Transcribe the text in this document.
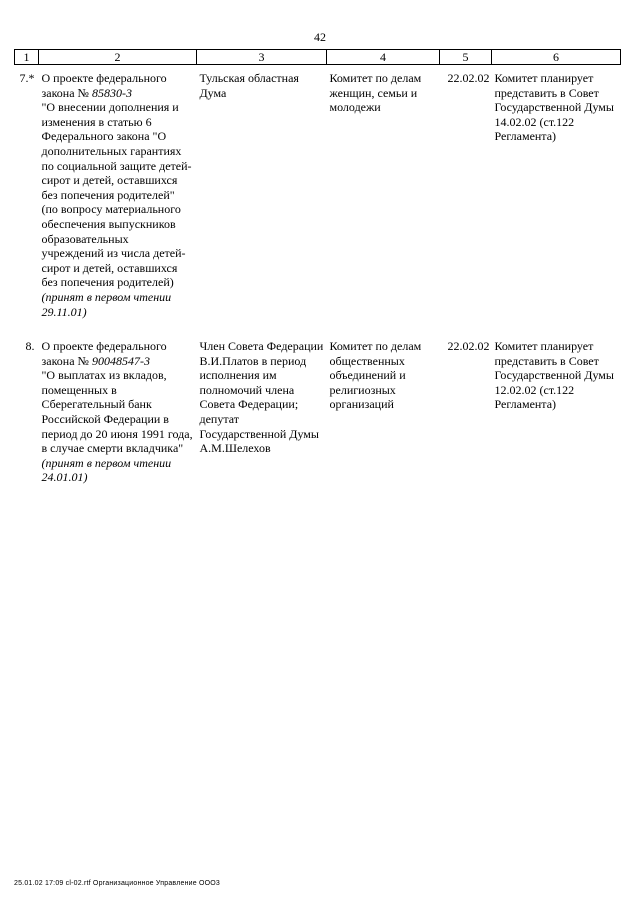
42
1	2	3	4	5	6
7.*	О проекте федерального закона № 85830-3
"О внесении дополнения и изменения в статью 6 Федерального закона "О дополнительных гарантиях по социальной защите детей-сирот и детей, оставшихся без попечения родителей" (по вопросу материального обеспечения выпускников образовательных учреждений из числа детей-сирот и детей, оставшихся без попечения родителей)
(принят в первом чтении 29.11.01)	Тульская областная Дума	Комитет по делам женщин, семьи и молодежи	22.02.02	Комитет планирует представить в Совет Государственной Думы 14.02.02 (ст.122 Регламента)

8.	О проекте федерального закона № 90048547-3
"О выплатах из вкладов, помещенных в Сберегательный банк Российской Федерации в период до 20 июня 1991 года, в случае смерти вкладчика"
(принят в первом чтении 24.01.01)	Член Совета Федерации В.И.Платов в период исполнения им полномочий члена Совета Федерации; депутат Государственной Думы А.М.Шелехов	Комитет по делам общественных объединений и религиозных организаций	22.02.02	Комитет планирует представить в Совет Государственной Думы 12.02.02 (ст.122 Регламента)
25.01.02 17:09 cl-02.rtf Организационное Управление ООО3
